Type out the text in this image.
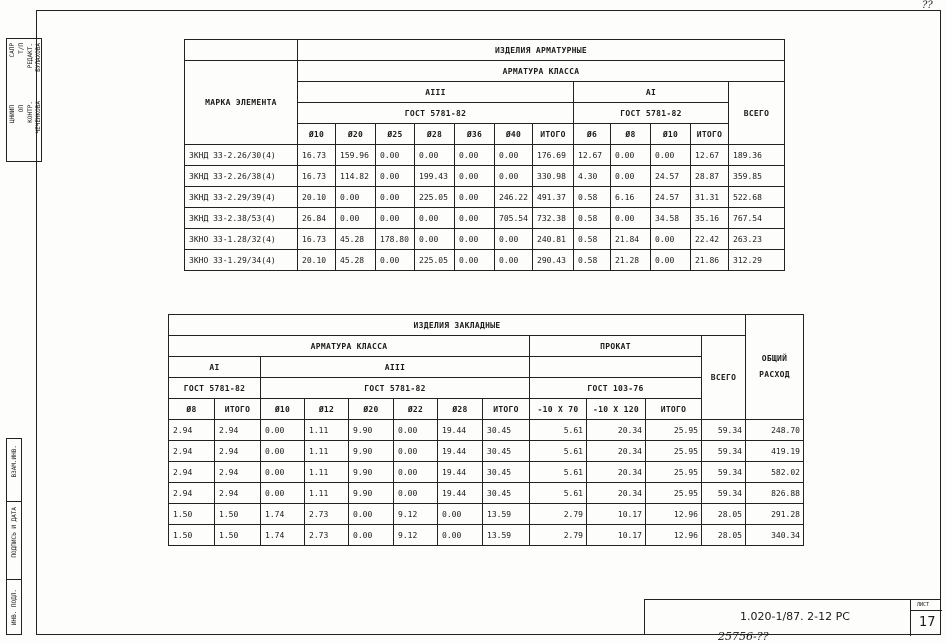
??
САПР
ЦНИИП
Т/П
ОП
РЕДАКТ.
КОНТР.
БУЛАХОВА
ЧЕЧЕНКОВА
ИНВ. ПОДЛ.
ПОДПИСЬ И ДАТА
ВЗАМ.ИНВ.
	ИЗДЕЛИЯ АРМАТУРНЫЕ											
МАРКА ЭЛЕМЕНТА	АРМАТУРА КЛАССА											
	AIII							AI				ВСЕГО
	ГОСТ 5781-82							ГОСТ 5781-82				
	Ø10	Ø20	Ø25	Ø28	Ø36	Ø40	ИТОГО	Ø6	Ø8	Ø10	ИТОГО	
ЗКНД 33-2.26/30(4)	16.73	159.96	0.00	0.00	0.00	0.00	176.69	12.67	0.00	0.00	12.67	189.36
ЗКНД 33-2.26/38(4)	16.73	114.82	0.00	199.43	0.00	0.00	330.98	4.30	0.00	24.57	28.87	359.85
ЗКНД 33-2.29/39(4)	20.10	0.00	0.00	225.05	0.00	246.22	491.37	0.58	6.16	24.57	31.31	522.68
ЗКНД 33-2.38/53(4)	26.84	0.00	0.00	0.00	0.00	705.54	732.38	0.58	0.00	34.58	35.16	767.54
ЗКНО 33-1.28/32(4)	16.73	45.28	178.80	0.00	0.00	0.00	240.81	0.58	21.84	0.00	22.42	263.23
ЗКНО 33-1.29/34(4)	20.10	45.28	0.00	225.05	0.00	0.00	290.43	0.58	21.28	0.00	21.86	312.29
ИЗДЕЛИЯ ЗАКЛАДНЫЕ												ОБЩИЙ РАСХОД
АРМАТУРА КЛАССА								ПРОКАТ			ВСЕГО	
AI		AIII										
ГОСТ 5781-82		ГОСТ 5781-82						ГОСТ 103-76				
Ø8	ИТОГО	Ø10	Ø12	Ø20	Ø22	Ø28	ИТОГО	-10 X 70	-10 X 120	ИТОГО		
2.94	2.94	0.00	1.11	9.90	0.00	19.44	30.45	5.61	20.34	25.95	59.34	248.70
2.94	2.94	0.00	1.11	9.90	0.00	19.44	30.45	5.61	20.34	25.95	59.34	419.19
2.94	2.94	0.00	1.11	9.90	0.00	19.44	30.45	5.61	20.34	25.95	59.34	582.02
2.94	2.94	0.00	1.11	9.90	0.00	19.44	30.45	5.61	20.34	25.95	59.34	826.88
1.50	1.50	1.74	2.73	0.00	9.12	0.00	13.59	2.79	10.17	12.96	28.05	291.28
1.50	1.50	1.74	2.73	0.00	9.12	0.00	13.59	2.79	10.17	12.96	28.05	340.34
1.020-1/87. 2-12 PC
ЛИСТ
17
25756-??
